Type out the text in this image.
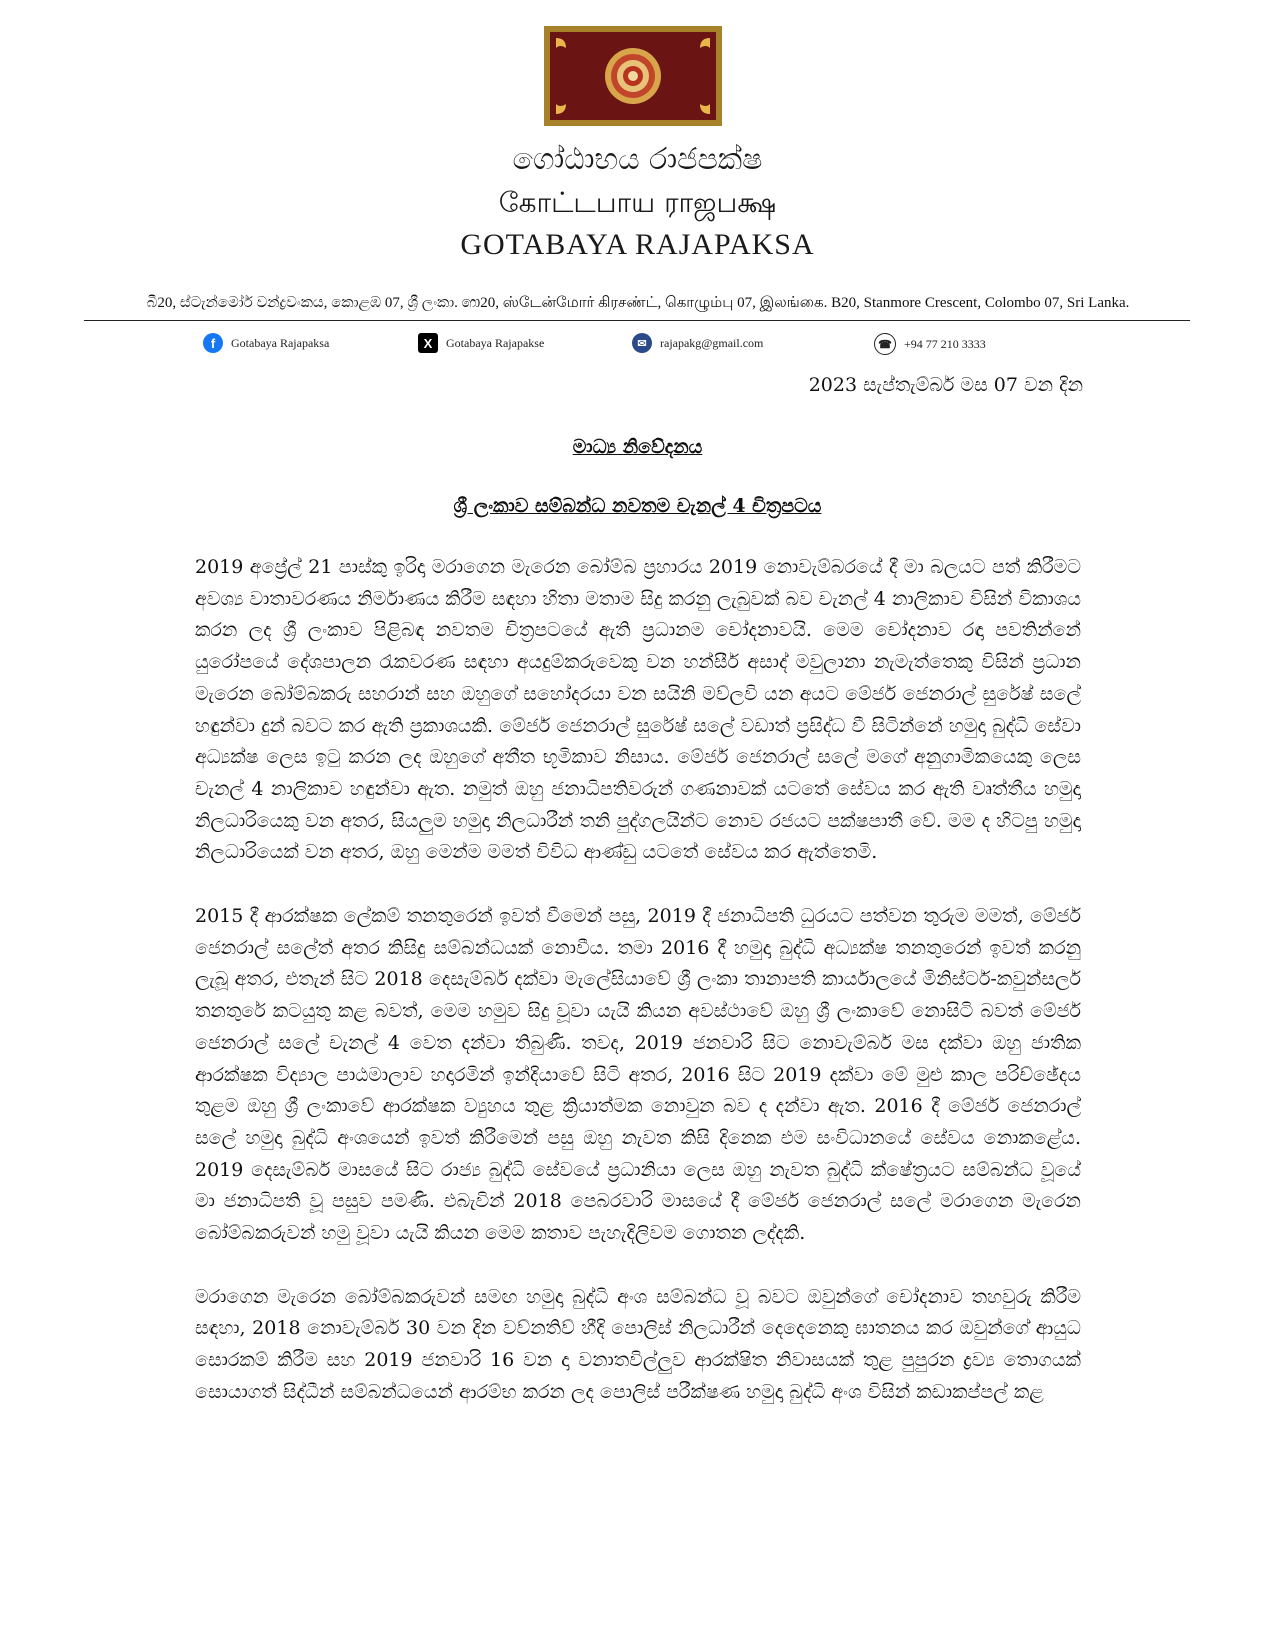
ගෝඨාභය රාජපක්ෂ
கோட்டபாய ராஜபக்ஷ
GOTABAYA RAJAPAKSA
බී20, ස්ටැන්මෝර් වන්ද්‍රවංකය, කොළඹ 07, ශ්‍රී ලංකා. ෩20, ஸ்டேன்மோர் கிரசண்ட், கொழும்பு 07, இலங்கை. B20, Stanmore Crescent, Colombo 07, Sri Lanka.
f	Gotabaya Rajapaksa	X	Gotabaya Rajapakse	✉	rajapakg@gmail.com	☎	+94 77 210 3333
2023 සැප්තැම්බර් මස 07 වන දින
මාධ්‍ය නිවේදනය
ශ්‍රී ලංකාව සම්බන්ධ නවතම චැනල් 4 චිත්‍රපටය

2019 අප්‍රේල් 21 පාස්කු ඉරිදා මරාගෙන මැරෙන බෝම්බ ප්‍රහාරය 2019 නොවැම්බරයේ දී මා බලයට පත් කිරීමට අවශ්‍ය වාතාවරණය නිර්මාණය කිරීම සඳහා හිතා මතාම සිදු කරනු ලැබුවක් බව චැනල් 4 නාලිකාව විසින් විකාශය කරන ලද ශ්‍රී ලංකාව පිළිබඳ නවතම චිත්‍රපටයේ ඇති ප්‍රධානම චෝදනාවයි. මෙම චෝදනාව රඳා පවතින්නේ යුරෝපයේ දේශපාලන රැකවරණ සඳහා අයදුම්කරුවෙකු වන හන්සීර් අසාද් මවුලානා නැමැත්තෙකු විසින් ප්‍රධාන මැරෙන බෝම්බකරු සහරාන් සහ ඔහුගේ සහෝදරයා වන සයිනි මව්ලවි යන අයට මේජර් ජෙනරාල් සුරේෂ් සලේ හඳුන්වා දුන් බවට කර ඇති ප්‍රකාශයකි. මේජර් ජෙනරාල් සුරේෂ් සලේ වඩාත් ප්‍රසිද්ධ වී සිටින්නේ හමුදා බුද්ධි සේවා අධ්‍යක්ෂ ලෙස ඉටු කරන ලද ඔහුගේ අතීත භූමිකාව නිසාය. මේජර් ජෙනරාල් සලේ මගේ අනුගාමිකයෙකු ලෙස චැනල් 4 නාලිකාව හඳුන්වා ඇත. නමුත් ඔහු ජනාධිපතිවරුන් ගණනාවක් යටතේ සේවය කර ඇති වෘත්තීය හමුදා නිලධාරියෙකු වන අතර, සියලුම හමුදා නිලධාරීන් තනි පුද්ගලයින්ට නොව රජයට පක්ෂපාතී වේ. මම ද හිටපු හමුදා නිලධාරියෙක් වන අතර, ඔහු මෙන්ම මමත් විවිධ ආණ්ඩු යටතේ සේවය කර ඇත්තෙමි.

2015 දී ආරක්ෂක ලේකම් තනතුරෙන් ඉවත් වීමෙන් පසු, 2019 දී ජනාධිපති ධුරයට පත්වන තුරුම මමත්, මේජර් ජෙනරාල් සලේත් අතර කිසිදු සම්බන්ධයක් නොවීය. තමා 2016 දී හමුදා බුද්ධි අධ්‍යක්ෂ තනතුරෙන් ඉවත් කරනු ලැබූ අතර, එතැන් සිට 2018 දෙසැම්බර් දක්වා මැලේසියාවේ ශ්‍රී ලංකා තානාපති කාර්යාලයේ මිනිස්ටර්-කවුන්සලර් තනතුරේ කටයුතු කළ බවත්, මෙම හමුව සිදු වූවා යැයි කියන අවස්ථාවේ ඔහු ශ්‍රී ලංකාවේ නොසිටි බවත් මේජර් ජෙනරාල් සලේ චැනල් 4 වෙත දන්වා තිබුණි. තවද, 2019 ජනවාරි සිට නොවැම්බර් මස දක්වා ඔහු ජාතික ආරක්ෂක විද්‍යාල පාඨමාලාව හදාරමින් ඉන්දියාවේ සිටි අතර, 2016 සිට 2019 දක්වා මේ මුළු කාල පරිච්ඡේදය තුළම ඔහු ශ්‍රී ලංකාවේ ආරක්ෂක ව්‍යුහය තුළ ක්‍රියාත්මක නොවුන බව ද දන්වා ඇත. 2016 දී මේජර් ජෙනරාල් සලේ හමුදා බුද්ධි අංශයෙන් ඉවත් කිරීමෙන් පසු ඔහු නැවත කිසි දිනෙක එම සංවිධානයේ සේවය නොකළේය. 2019 දෙසැම්බර් මාසයේ සිට රාජ්‍ය බුද්ධි සේවයේ ප්‍රධානියා ලෙස ඔහු නැවත බුද්ධි ක්ෂේත්‍රයට සම්බන්ධ වූයේ මා ජනාධිපති වූ පසුව පමණි. එබැවින් 2018 පෙබරවාරි මාසයේ දී මේජර් ජෙනරාල් සලේ මරාගෙන මැරෙන බෝම්බකරුවන් හමු වූවා යැයි කියන මෙම කතාව පැහැදිලිවම ගොතන ලද්දකි.

මරාගෙන මැරෙන බෝම්බකරුවන් සමඟ හමුදා බුද්ධි අංශ සම්බන්ධ වූ බවට ඔවුන්ගේ චෝදනාව තහවුරු කිරීම සඳහා, 2018 නොවැම්බර් 30 වන දින වව්නතිව් හීදි පොලිස් නිලධාරීන් දෙදෙනෙකු ඝාතනය කර ඔවුන්ගේ ආයුධ සොරකම් කිරීම සහ 2019 ජනවාරි 16 වන දා වනාතවිල්ලුව ආරක්ෂිත නිවාසයක් තුළ පුපුරන ද්‍රව්‍ය තොගයක් සොයාගත් සිද්ධීන් සම්බන්ධයෙන් ආරම්භ කරන ලද පොලිස් පරීක්ෂණ හමුදා බුද්ධි අංශ විසින් කඩාකප්පල් කළ
